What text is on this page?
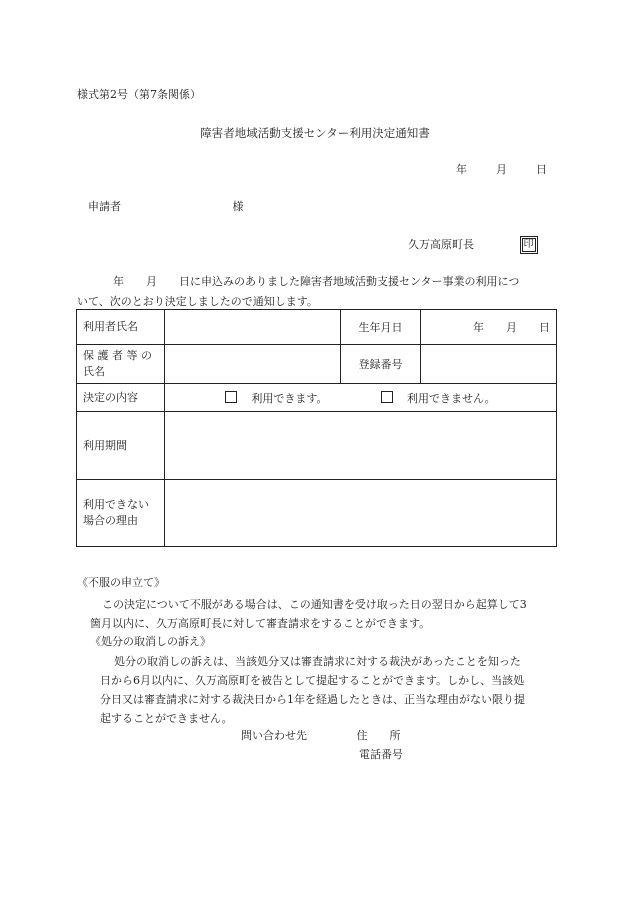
様式第2号（第7条関係）
障害者地域活動支援センター利用決定通知書
年	月	日
申請者	様
久万高原町長	印
年　　月　　日に申込みのありました障害者地域活動支援センター事業の利用につ
いて、次のとおり決定しましたので通知します。
利用者氏名		生年月日	年　　月　　日

保 護 者 等 の
氏名		登録番号	
決定の内容	利用できます。 利用できません。		
利用期間			

利用できない
場合の理由			

《不服の申立て》
この決定について不服がある場合は、この通知書を受け取った日の翌日から起算して3
箇月以内に、久万高原町長に対して審査請求をすることができます。
《処分の取消しの訴え》
処分の取消しの訴えは、当該処分又は審査請求に対する裁決があったことを知った
日から6月以内に、久万高原町を被告として提起することができます。しかし、当該処
分日又は審査請求に対する裁決日から1年を経過したときは、正当な理由がない限り提
起することができません。
問い合わせ先	住　　所
電話番号
